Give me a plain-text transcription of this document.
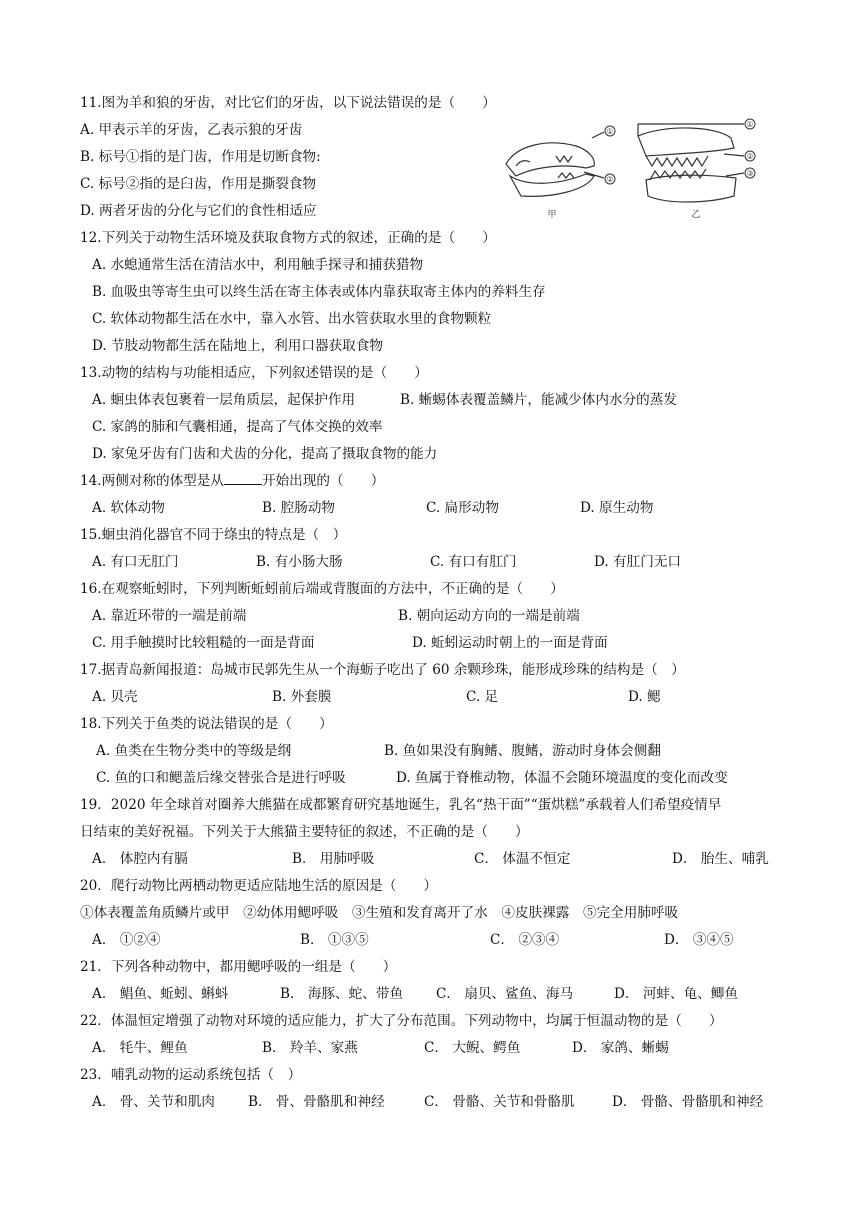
11.图为羊和狼的牙齿，对比它们的牙齿，以下说法错误的是（　　）
A. 甲表示羊的牙齿，乙表示狼的牙齿
B. 标号①指的是门齿，作用是切断食物:
C. 标号②指的是臼齿，作用是撕裂食物
D. 两者牙齿的分化与它们的食性相适应
①
②
甲
①
②
③
乙
12.下列关于动物生活环境及获取食物方式的叙述，正确的是（　　）
A. 水螅通常生活在清洁水中，利用触手探寻和捕获猎物
B. 血吸虫等寄生虫可以终生活在寄主体表或体内靠获取寄主体内的养料生存
C. 软体动物都生活在水中，靠入水管、出水管获取水里的食物颗粒
D. 节肢动物都生活在陆地上，利用口器获取食物
13.动物的结构与功能相适应，下列叙述错误的是（　　）
A. 蛔虫体表包裹着一层角质层，起保护作用	B. 蜥蜴体表覆盖鳞片，能减少体内水分的蒸发
C. 家鸽的肺和气囊相通，提高了气体交换的效率
D. 家兔牙齿有门齿和犬齿的分化，提高了摄取食物的能力
14.两侧对称的体型是从	开始出现的（　　）
A. 软体动物	B. 腔肠动物	C. 扁形动物	D. 原生动物
15.蛔虫消化器官不同于绦虫的特点是（　）
A. 有口无肛门	B. 有小肠大肠	C. 有口有肛门	D. 有肛门无口
16.在观察蚯蚓时，下列判断蚯蚓前后端或背腹面的方法中，不正确的是（　　）
A. 靠近环带的一端是前端	B. 朝向运动方向的一端是前端
C. 用手触摸时比较粗糙的一面是背面	D. 蚯蚓运动时朝上的一面是背面
17.据青岛新闻报道：岛城市民郭先生从一个海蛎子吃出了 60 余颗珍珠，能形成珍珠的结构是（　）
A. 贝壳	B. 外套膜	C. 足	D. 鳃
18.下列关于鱼类的说法错误的是（　　）
A. 鱼类在生物分类中的等级是纲	B. 鱼如果没有胸鳍、腹鳍，游动时身体会侧翻
C. 鱼的口和鳃盖后缘交替张合是进行呼吸	D. 鱼属于脊椎动物，体温不会随环境温度的变化而改变
19．2020 年全球首对圈养大熊猫在成都繁育研究基地诞生，乳名“热干面”“蛋烘糕”承载着人们希望疫情早
日结束的美好祝福。下列关于大熊猫主要特征的叙述，不正确的是（　　）
A． 体腔内有膈	B． 用肺呼吸	C． 体温不恒定	D． 胎生、哺乳
20．爬行动物比两栖动物更适应陆地生活的原因是（　　）
①体表覆盖角质鳞片或甲　②幼体用鳃呼吸　③生殖和发育离开了水　④皮肤裸露　⑤完全用肺呼吸
A． ①②④	B． ①③⑤	C． ②③④	D． ③④⑤
21．下列各种动物中，都用鳃呼吸的一组是（　　）
A． 鲳鱼、蚯蚓、蝌蚪	B． 海豚、蛇、带鱼 C． 扇贝、鲨鱼、海马	D． 河蚌、龟、鲫鱼
22．体温恒定增强了动物对环境的适应能力，扩大了分布范围。下列动物中，均属于恒温动物的是（　　）
A． 牦牛、鲤鱼	B． 羚羊、家燕	C． 大鲵、鳄鱼	D． 家鸽、蜥蜴
23．哺乳动物的运动系统包括（　）
A． 骨、关节和肌肉 B． 骨、骨骼肌和神经	C． 骨骼、关节和骨骼肌	D． 骨骼、骨骼肌和神经
